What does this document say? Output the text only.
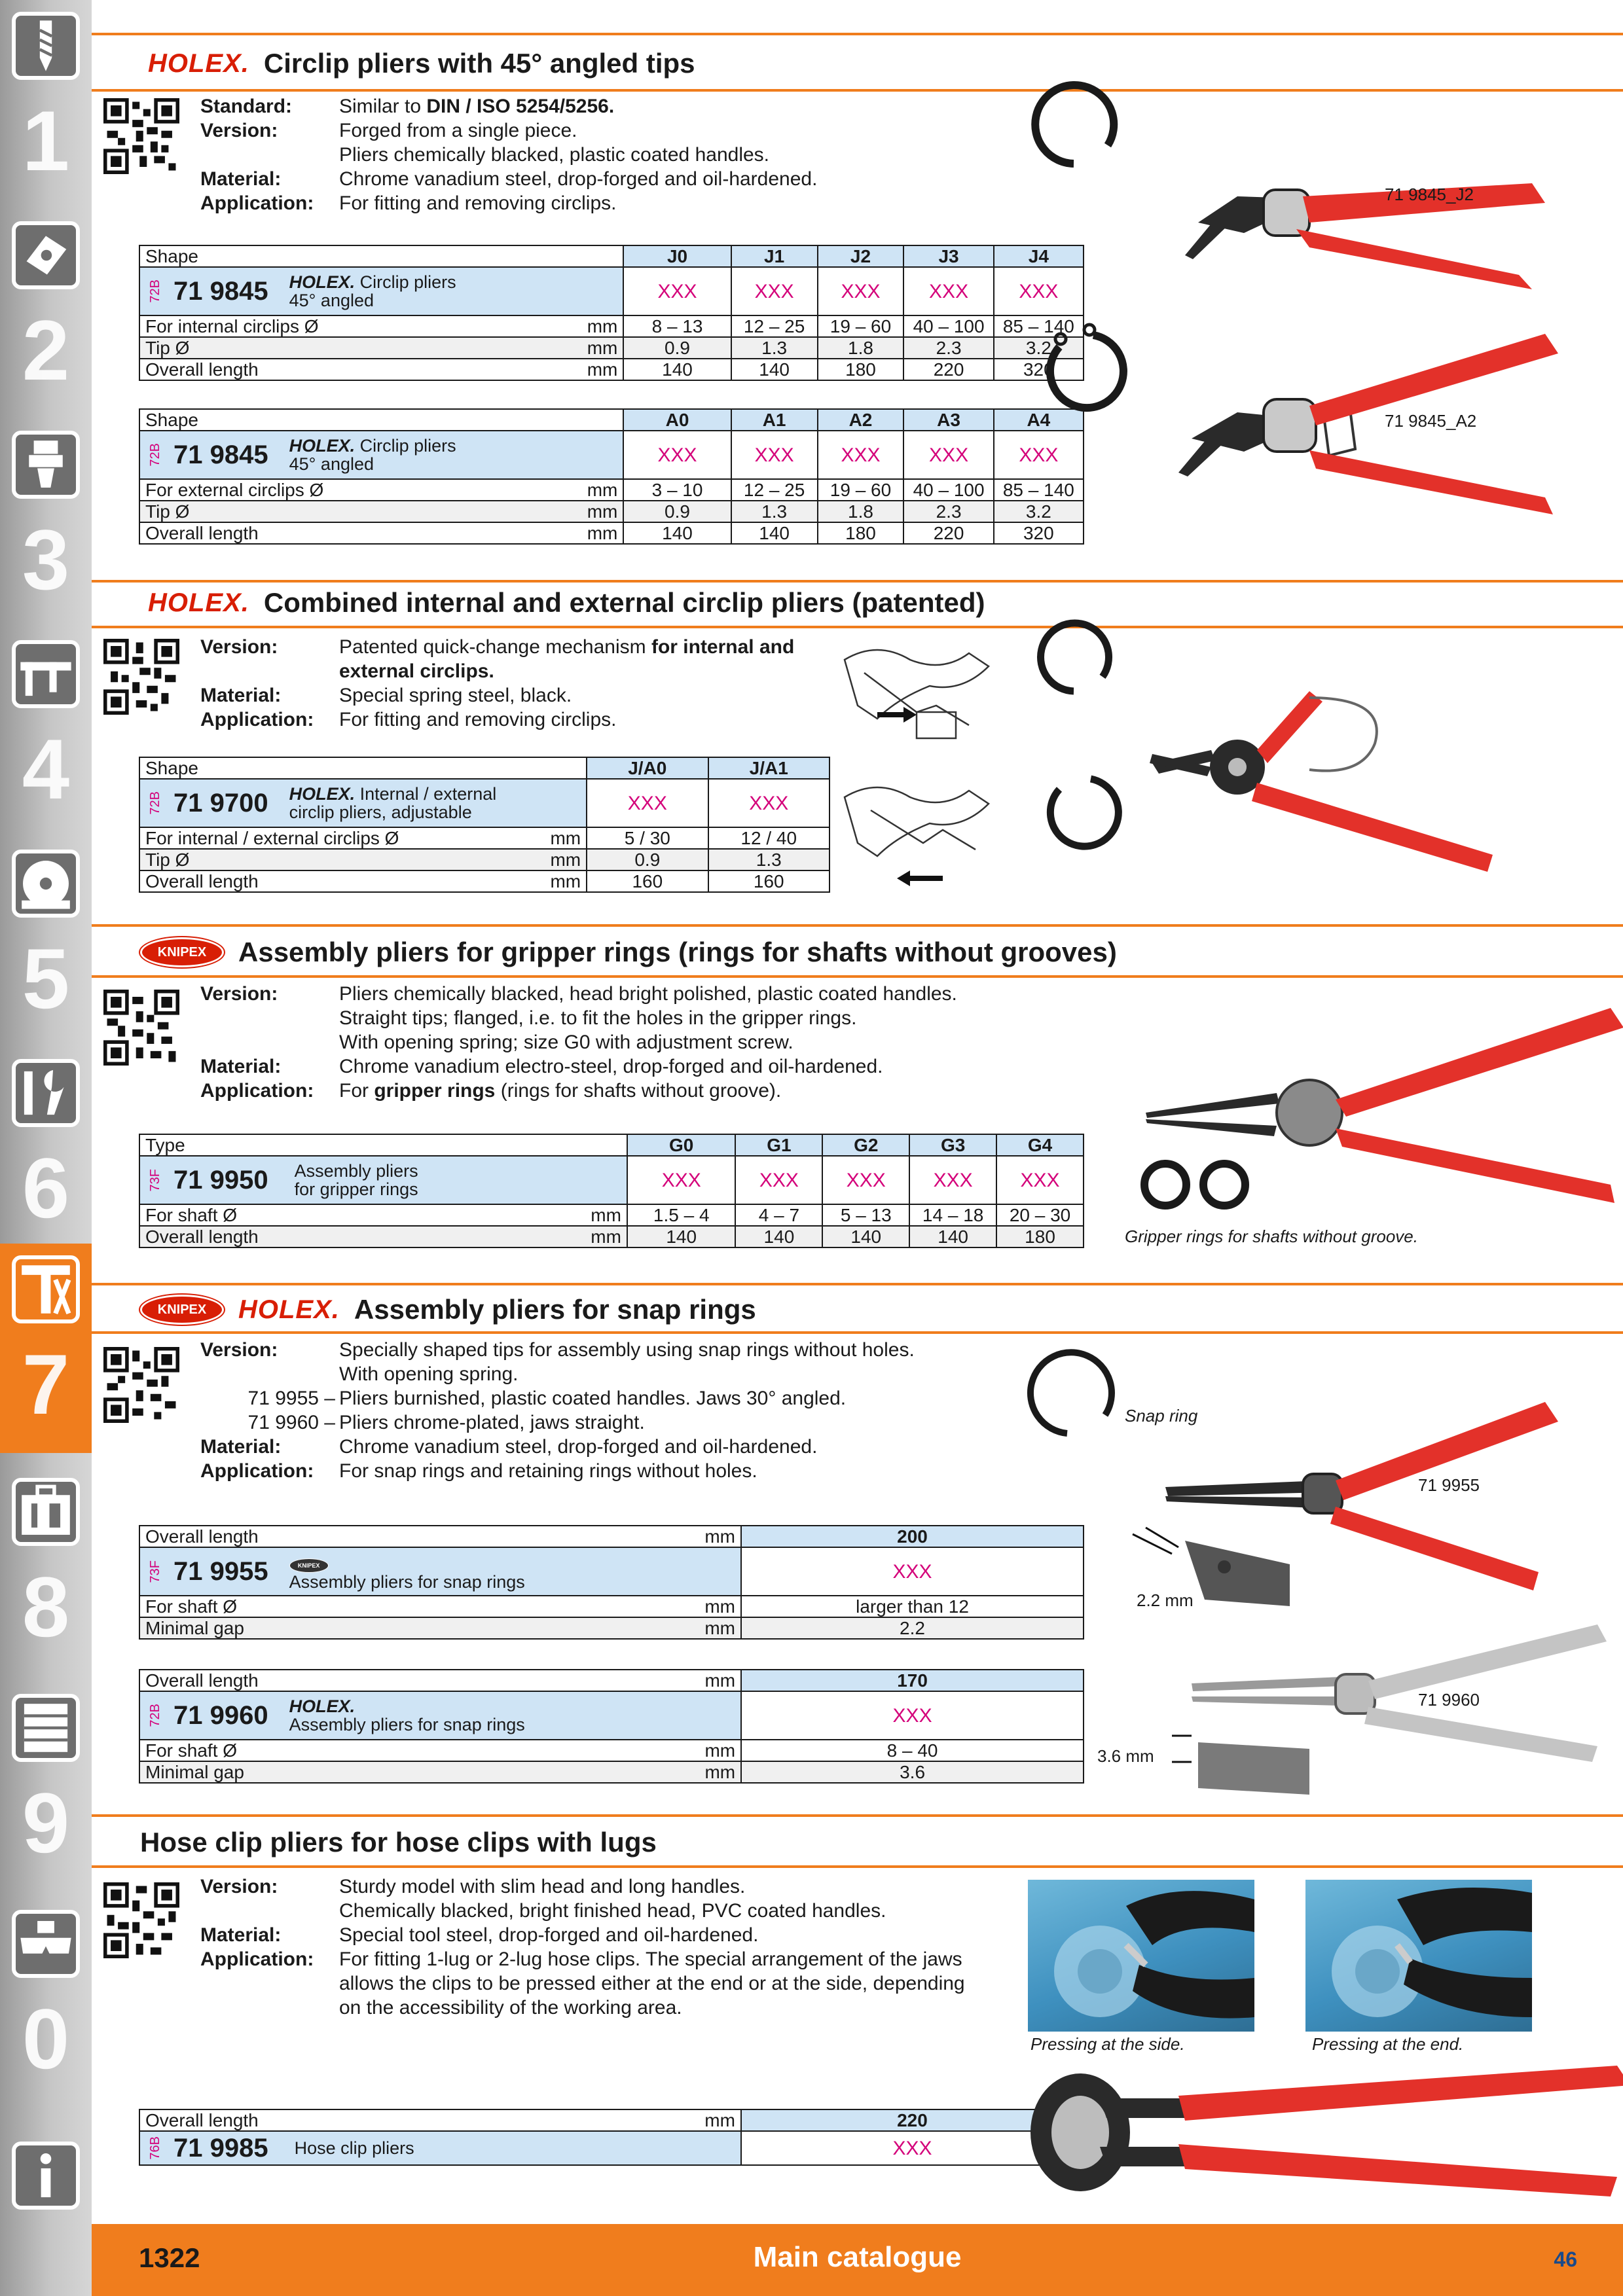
1
2
3
4
5
6
7
8
9
0
HOLEX. Circlip pliers with 45° angled tips
Standard:	Similar to DIN / ISO 5254/5256.
Version:	Forged from a single piece.
Pliers chemically blacked, plastic coated handles.
Material:	Chrome vanadium steel, drop-forged and oil-hardened.
Application:	For fitting and removing circlips.
Shape		J0	J1	J2	J3	J4

72B 71 9845 HOLEX. Circlip pliers
45° angled		XXX	XXX	XXX	XXX	XXX
For internal circlips Ø	mm	8 – 13	12 – 25	19 – 60	40 – 100	85 – 140
Tip Ø	mm	0.9	1.3	1.8	2.3	3.2
Overall length	mm	140	140	180	220	320
Shape		A0	A1	A2	A3	A4

72B 71 9845 HOLEX. Circlip pliers
45° angled		XXX	XXX	XXX	XXX	XXX
For external circlips Ø	mm	3 – 10	12 – 25	19 – 60	40 – 100	85 – 140
Tip Ø	mm	0.9	1.3	1.8	2.3	3.2
Overall length	mm	140	140	180	220	320
71 9845_J2
71 9845_A2
HOLEX. Combined internal and external circlip pliers (patented)
Version:	Patented quick-change mechanism for internal and
external circlips.
Material:	Special spring steel, black.
Application:	For fitting and removing circlips.
Shape		J/A0	J/A1

72B 71 9700 HOLEX. Internal / external
circlip pliers, adjustable		XXX	XXX
For internal / external circlips Ø	mm	5 / 30	12 / 40
Tip Ø	mm	0.9	1.3
Overall length	mm	160	160
KNIPEX	Assembly pliers for gripper rings (rings for shafts without grooves)
Version:	Pliers chemically blacked, head bright polished, plastic coated handles.
Straight tips; flanged, i.e. to fit the holes in the gripper rings.
With opening spring; size G0 with adjustment screw.
Material:	Chrome vanadium electro-steel, drop-forged and oil-hardened.
Application:	For gripper rings (rings for shafts without groove).
Type		G0	G1	G2	G3	G4

73F 71 9950 Assembly pliers
for gripper rings		XXX	XXX	XXX	XXX	XXX
For shaft Ø	mm	1.5 – 4	4 – 7	5 – 13	14 – 18	20 – 30
Overall length	mm	140	140	140	140	180	Gripper rings for shafts without groove.
KNIPEX	HOLEX. Assembly pliers for snap rings
Version:	Specially shaped tips for assembly using snap rings without holes.
With opening spring.
71 9955 – Pliers burnished, plastic coated handles. Jaws 30° angled.
71 9960 – Pliers chrome-plated, jaws straight.
Material:	Chrome vanadium steel, drop-forged and oil-hardened.
Application:	For snap rings and retaining rings without holes.
Overall length	mm	200

73F 71 9955 KNIPEX
Assembly pliers for snap rings		XXX
For shaft Ø	mm	larger than 12
Minimal gap	mm	2.2
Overall length	mm	170

72B 71 9960 HOLEX.
Assembly pliers for snap rings		XXX
For shaft Ø	mm	8 – 40
Minimal gap	mm	3.6
Snap ring
71 9955
2.2 mm
71 9960
3.6 mm
Hose clip pliers for hose clips with lugs
Version:	Sturdy model with slim head and long handles.
Chemically blacked, bright finished head, PVC coated handles.
Material:	Special tool steel, drop-forged and oil-hardened.
Application:	For fitting 1-lug or 2-lug hose clips. The special arrangement of the jaws
allows the clips to be pressed either at the end or at the side, depending
on the accessibility of the working area.
Overall length	mm	220

76B 71 9985 Hose clip pliers		XXX
Pressing at the side.	Pressing at the end.
1322	Main catalogue	46
